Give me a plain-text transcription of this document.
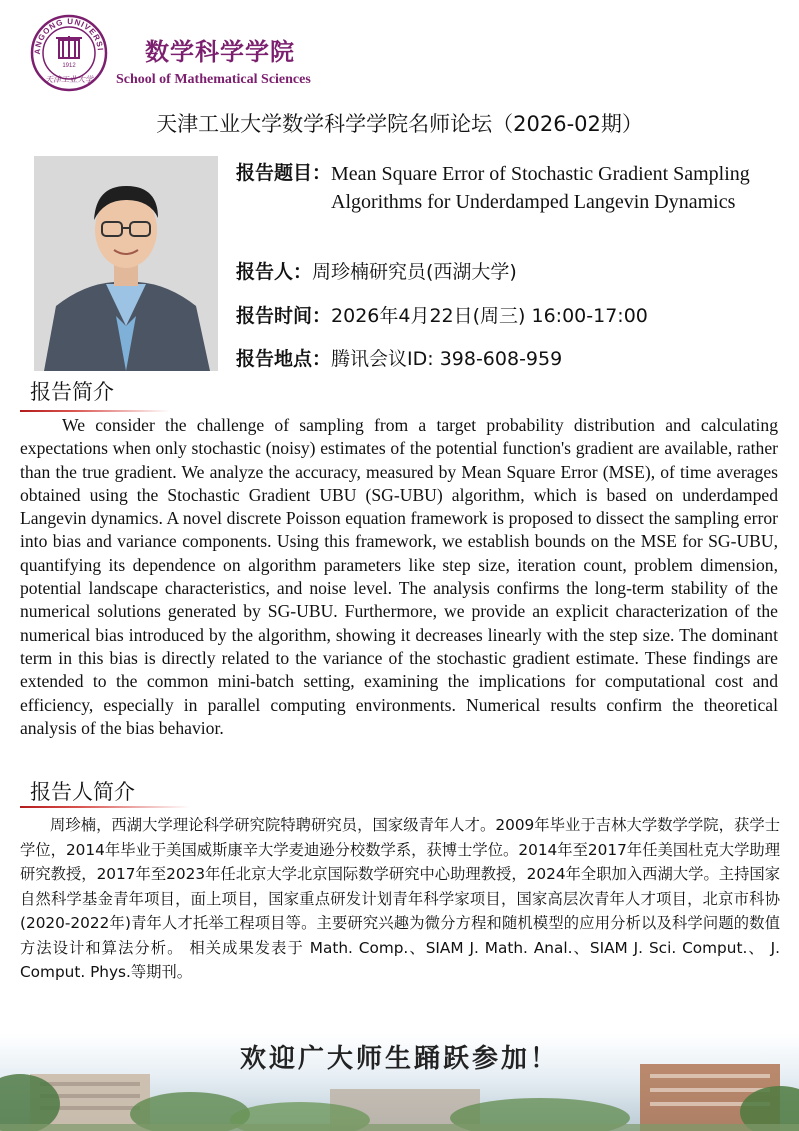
ANGONG UNIVERSI
1912
天津工业大学
数学科学学院
School of Mathematical Sciences
天津工业大学数学科学学院名师论坛（2026-02期）
报告题目： Mean Square Error of Stochastic Gradient Sampling Algorithms for Underdamped Langevin Dynamics
报告人： 周珍楠研究员(西湖大学)
报告时间： 2026年4月22日(周三) 16:00-17:00
报告地点： 腾讯会议ID: 398-608-959
报告简介

We consider the challenge of sampling from a target probability distribution and calculating expectations when only stochastic (noisy) estimates of the potential function's gradient are available, rather than the true gradient. We analyze the accuracy, measured by Mean Square Error (MSE), of time averages obtained using the Stochastic Gradient UBU (SG-UBU) algorithm, which is based on underdamped Langevin dynamics. A novel discrete Poisson equation framework is proposed to dissect the sampling error into bias and variance components. Using this framework, we establish bounds on the MSE for SG-UBU, quantifying its dependence on algorithm parameters like step size, iteration count, problem dimension, potential landscape characteristics, and noise level. The analysis confirms the long-term stability of the numerical solutions generated by SG-UBU. Furthermore, we provide an explicit characterization of the numerical bias introduced by the algorithm, showing it decreases linearly with the step size. The dominant term in this bias is directly related to the variance of the stochastic gradient estimate. These findings are extended to the common mini-batch setting, examining the implications for computational cost and efficiency, especially in parallel computing environments. Numerical results confirm the theoretical analysis of the bias behavior.

报告人简介

周珍楠，西湖大学理论科学研究院特聘研究员，国家级青年人才。2009年毕业于吉林大学数学学院，获学士学位，2014年毕业于美国威斯康辛大学麦迪逊分校数学系，获博士学位。2014年至2017年任美国杜克大学助理研究教授，2017年至2023年任北京大学北京国际数学研究中心助理教授，2024年全职加入西湖大学。主持国家自然科学基金青年项目，面上项目，国家重点研发计划青年科学家项目，国家高层次青年人才项目，北京市科协(2020-2022年)青年人才托举工程项目等。主要研究兴趣为微分方程和随机模型的应用分析以及科学问题的数值方法设计和算法分析。 相关成果发表于 Math. Comp.、SIAM J. Math. Anal.、SIAM J. Sci. Comput.、 J. Comput. Phys.等期刊。

欢迎广大师生踊跃参加！
